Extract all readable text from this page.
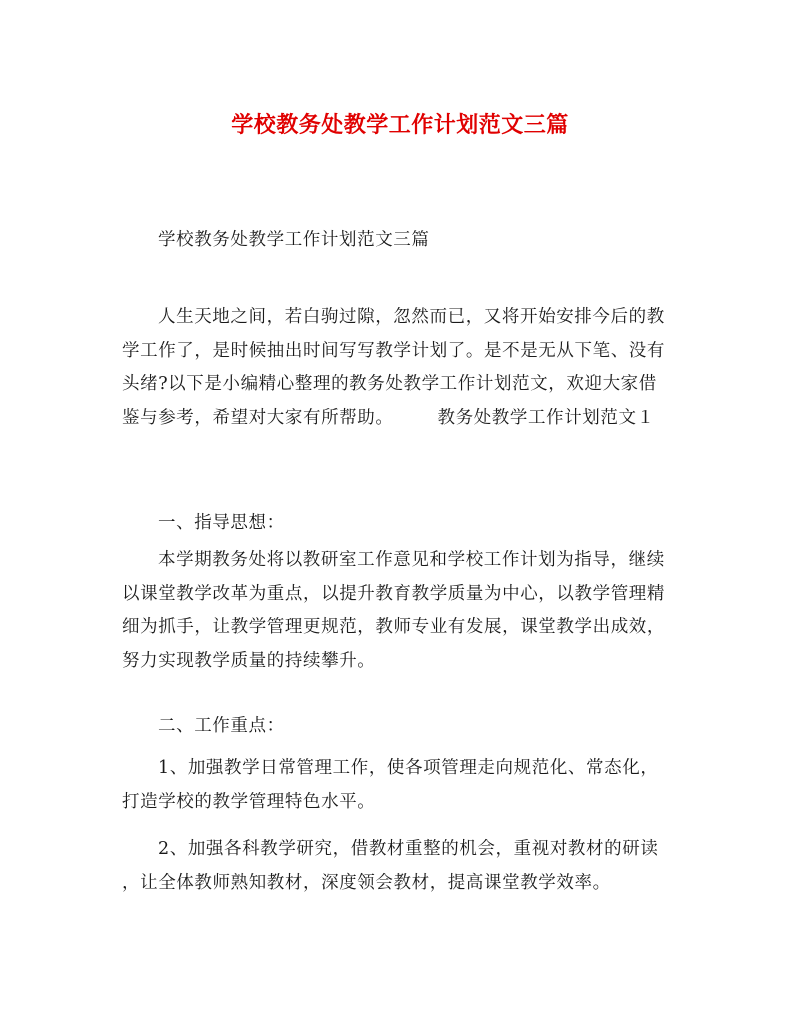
学校教务处教学工作计划范文三篇
学校教务处教学工作计划范文三篇
人生天地之间，若白驹过隙，忽然而已，又将开始安排今后的教
学工作了，是时候抽出时间写写教学计划了。是不是无从下笔、没有
头绪?以下是小编精心整理的教务处教学工作计划范文，欢迎大家借
鉴与参考，希望对大家有所帮助。	教务处教学工作计划范文１
一、指导思想：
本学期教务处将以教研室工作意见和学校工作计划为指导，继续
以课堂教学改革为重点，以提升教育教学质量为中心，以教学管理精
细为抓手，让教学管理更规范，教师专业有发展，课堂教学出成效，
努力实现教学质量的持续攀升。
二、工作重点：
1、加强教学日常管理工作，使各项管理走向规范化、常态化，
打造学校的教学管理特色水平。
2、加强各科教学研究，借教材重整的机会，重视对教材的研读
，让全体教师熟知教材，深度领会教材，提高课堂教学效率。
